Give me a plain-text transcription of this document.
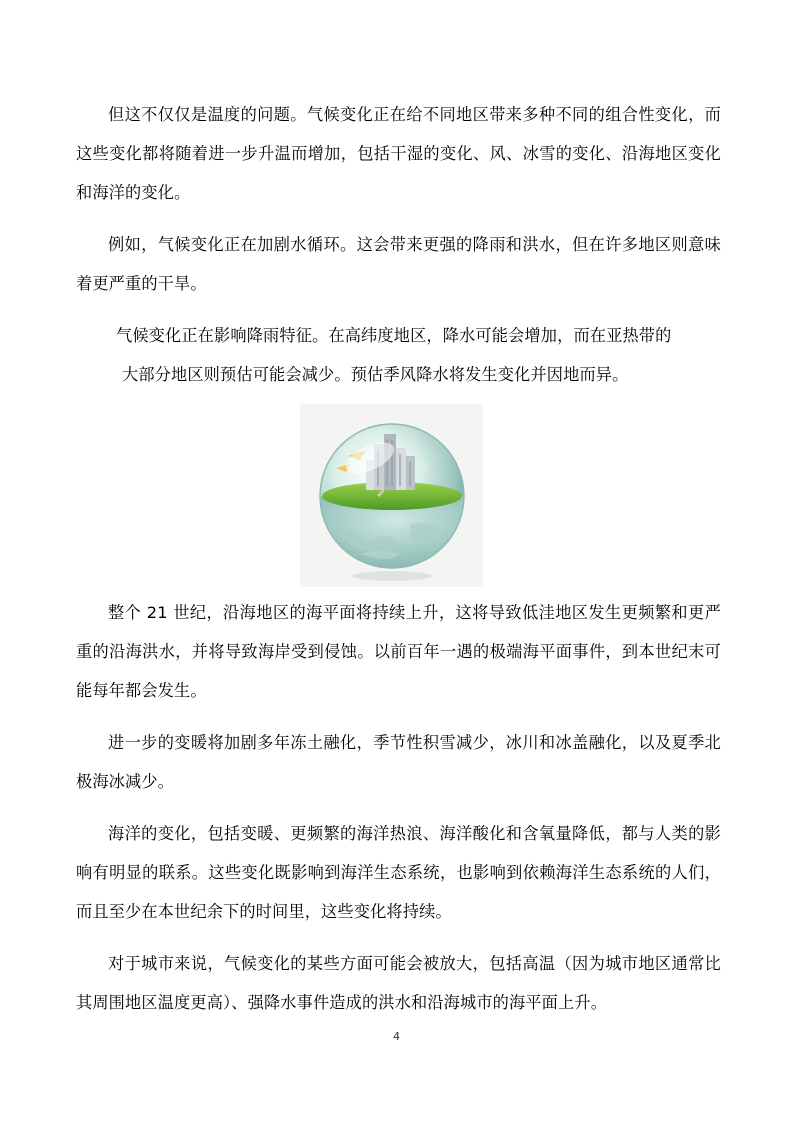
但这不仅仅是温度的问题。气候变化正在给不同地区带来多种不同的组合性变化，而这些变化都将随着进一步升温而增加，包括干湿的变化、风、冰雪的变化、沿海地区变化和海洋的变化。

例如，气候变化正在加剧水循环。这会带来更强的降雨和洪水，但在许多地区则意味着更严重的干旱。

气候变化正在影响降雨特征。在高纬度地区，降水可能会增加，而在亚热带的

大部分地区则预估可能会减少。预估季风降水将发生变化并因地而异。

整个 21 世纪，沿海地区的海平面将持续上升，这将导致低洼地区发生更频繁和更严重的沿海洪水，并将导致海岸受到侵蚀。以前百年一遇的极端海平面事件，到本世纪末可能每年都会发生。

进一步的变暖将加剧多年冻土融化，季节性积雪减少，冰川和冰盖融化，以及夏季北极海冰减少。

海洋的变化，包括变暖、更频繁的海洋热浪、海洋酸化和含氧量降低，都与人类的影响有明显的联系。这些变化既影响到海洋生态系统，也影响到依赖海洋生态系统的人们，而且至少在本世纪余下的时间里，这些变化将持续。

对于城市来说，气候变化的某些方面可能会被放大，包括高温（因为城市地区通常比其周围地区温度更高）、强降水事件造成的洪水和沿海城市的海平面上升。

4
